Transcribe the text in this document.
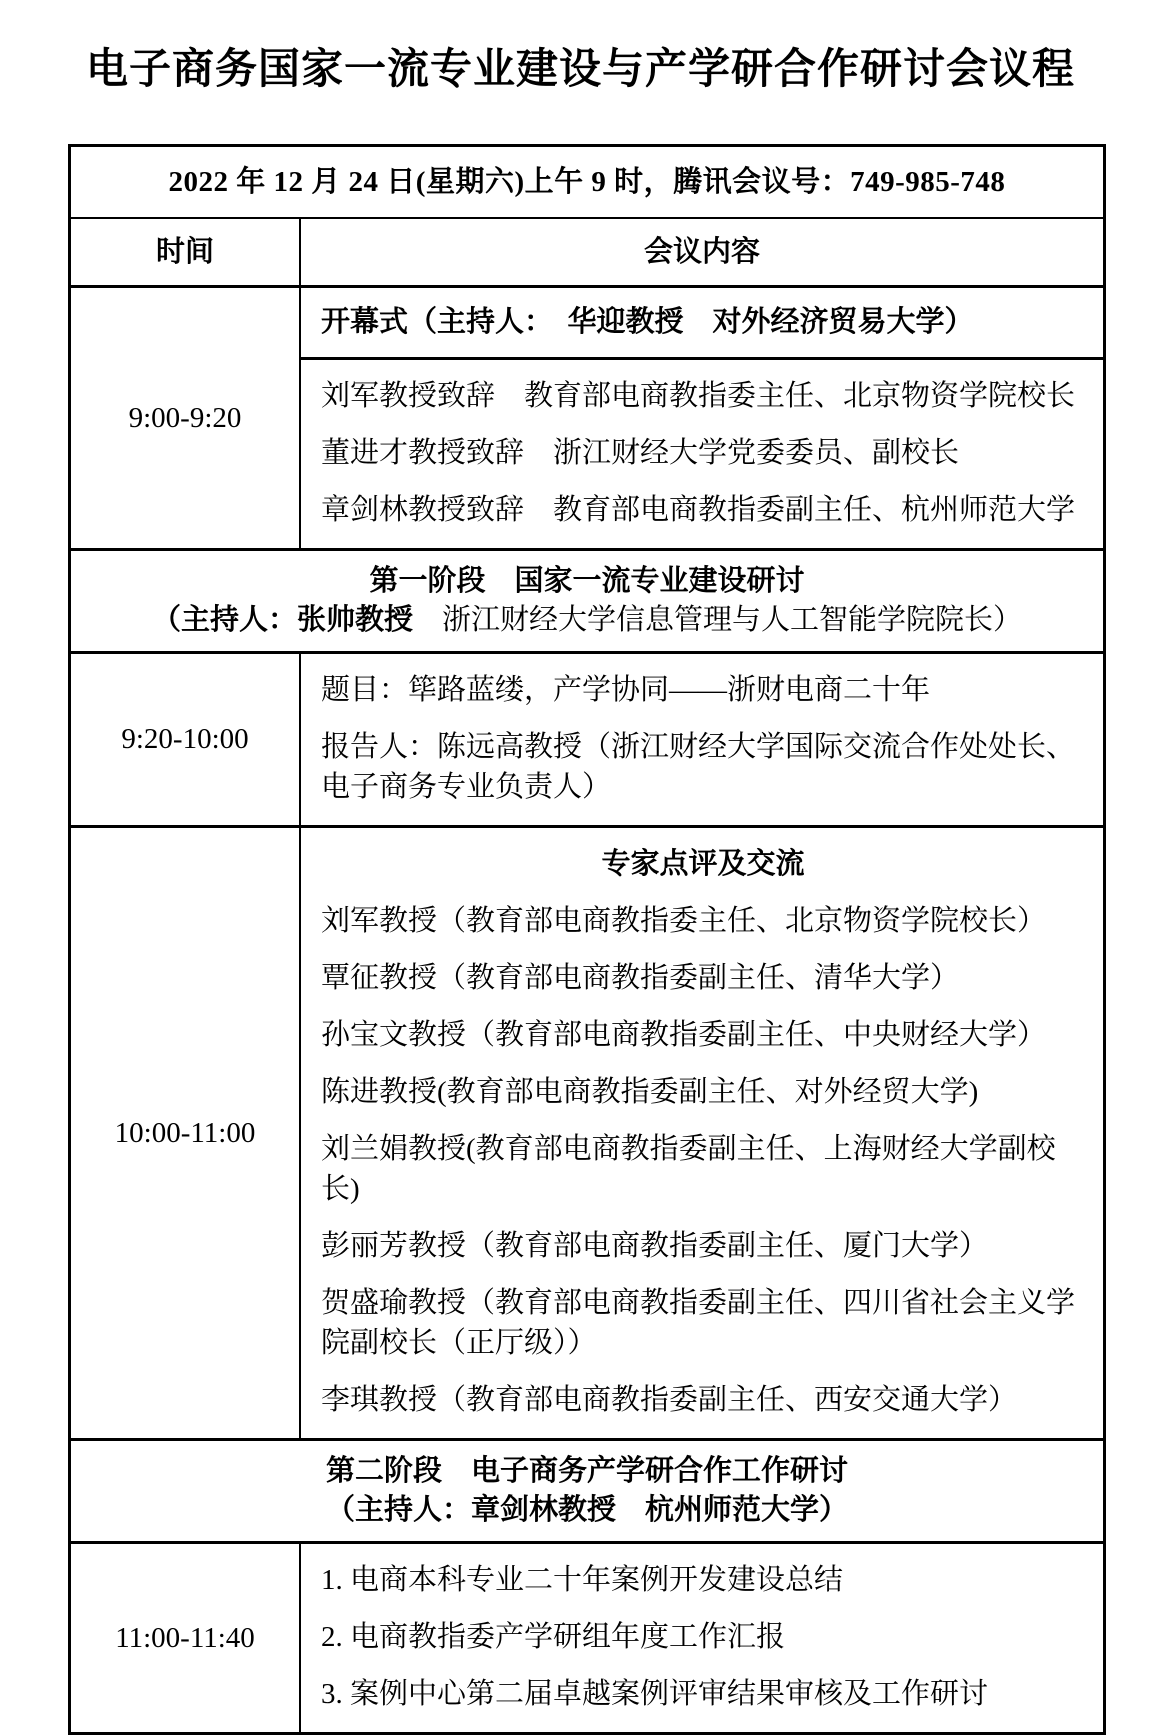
电子商务国家一流专业建设与产学研合作研讨会议程
2022 年 12 月 24 日(星期六)上午 9 时，腾讯会议号：749-985-748
时间	会议内容
9:00-9:20
开幕式（主持人：　华迎教授　对外经济贸易大学）

刘军教授致辞　教育部电商教指委主任、北京物资学院校长

董进才教授致辞　浙江财经大学党委委员、副校长

章剑林教授致辞　教育部电商教指委副主任、杭州师范大学

第一阶段　国家一流专业建设研讨
（主持人：张帅教授　浙江财经大学信息管理与人工智能学院院长）
9:20-10:00

题目：筚路蓝缕，产学协同——浙财电商二十年

报告人：陈远高教授（浙江财经大学国际交流合作处处长、电子商务专业负责人）

10:00-11:00

专家点评及交流

刘军教授（教育部电商教指委主任、北京物资学院校长）

覃征教授（教育部电商教指委副主任、清华大学）

孙宝文教授（教育部电商教指委副主任、中央财经大学）

陈进教授(教育部电商教指委副主任、对外经贸大学)

刘兰娟教授(教育部电商教指委副主任、上海财经大学副校长)

彭丽芳教授（教育部电商教指委副主任、厦门大学）

贺盛瑜教授（教育部电商教指委副主任、四川省社会主义学院副校长（正厅级））

李琪教授（教育部电商教指委副主任、西安交通大学）

第二阶段　电子商务产学研合作工作研讨
（主持人：章剑林教授　杭州师范大学）
11:00-11:40

1. 电商本科专业二十年案例开发建设总结

2. 电商教指委产学研组年度工作汇报

3. 案例中心第二届卓越案例评审结果审核及工作研讨
